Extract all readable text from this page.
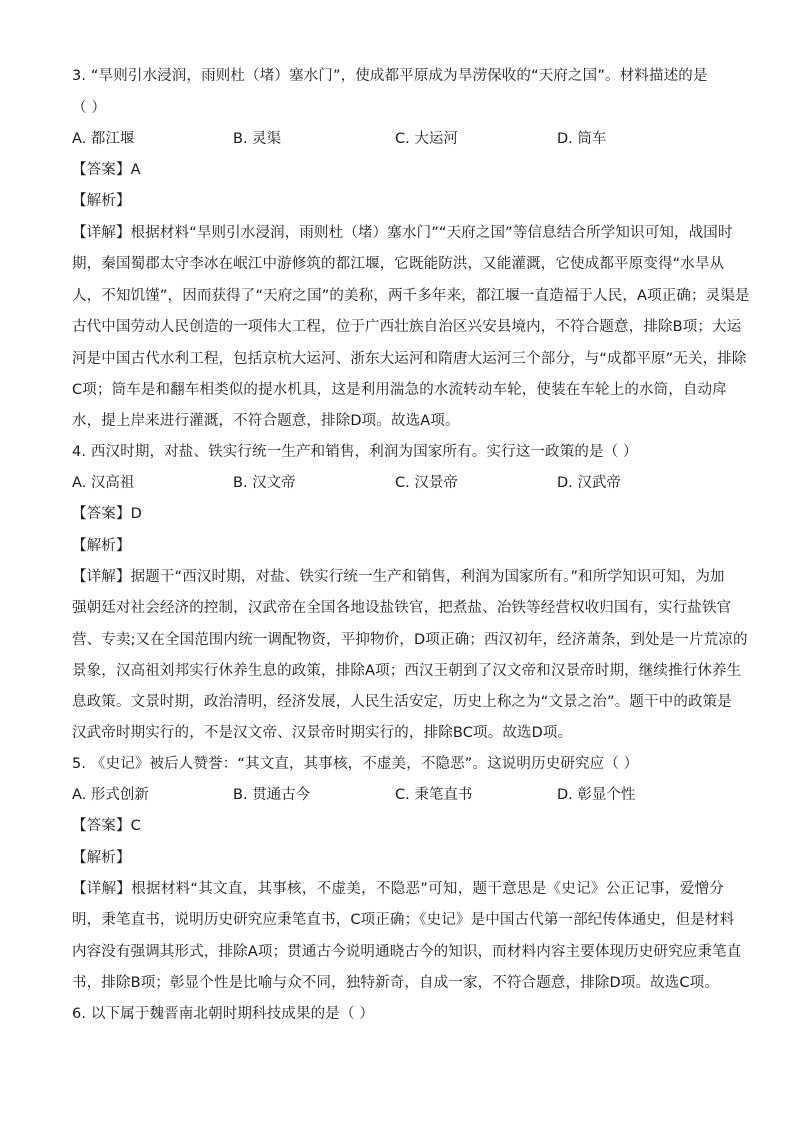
3. “旱则引水浸润，雨则杜（堵）塞水门”，使成都平原成为旱涝保收的“天府之国”。材料描述的是
（ ）
A. 都江堰	B. 灵渠	C. 大运河	D. 筒车
【答案】A
【解析】
【详解】根据材料“旱则引水浸润，雨则杜（堵）塞水门”“天府之国”等信息结合所学知识可知，战国时
期，秦国蜀郡太守李冰在岷江中游修筑的都江堰，它既能防洪，又能灌溉，它使成都平原变得“水旱从
人，不知饥馑”，因而获得了“天府之国”的美称，两千多年来，都江堰一直造福于人民，A项正确；灵渠是
古代中国劳动人民创造的一项伟大工程，位于广西壮族自治区兴安县境内，不符合题意，排除B项；大运
河是中国古代水利工程，包括京杭大运河、浙东大运河和隋唐大运河三个部分，与“成都平原”无关，排除
C项；筒车是和翻车相类似的提水机具，这是利用湍急的水流转动车轮，使装在车轮上的水筒，自动戽
水，提上岸来进行灌溉，不符合题意，排除D项。故选A项。
4. 西汉时期，对盐、铁实行统一生产和销售，利润为国家所有。实行这一政策的是（ ）
A. 汉高祖	B. 汉文帝	C. 汉景帝	D. 汉武帝
【答案】D
【解析】
【详解】据题干“西汉时期，对盐、铁实行统一生产和销售，利润为国家所有。”和所学知识可知，为加
强朝廷对社会经济的控制，汉武帝在全国各地设盐铁官，把煮盐、冶铁等经营权收归国有，实行盐铁官
营、专卖;又在全国范围内统一调配物资，平抑物价，D项正确；西汉初年，经济萧条，到处是一片荒凉的
景象，汉高祖刘邦实行休养生息的政策，排除A项；西汉王朝到了汉文帝和汉景帝时期，继续推行休养生
息政策。文景时期，政治清明，经济发展，人民生活安定，历史上称之为“文景之治”。题干中的政策是
汉武帝时期实行的，不是汉文帝、汉景帝时期实行的，排除BC项。故选D项。
5. 《史记》被后人赞誉：“其文直，其事核，不虚美，不隐恶”。这说明历史研究应（ ）
A. 形式创新	B. 贯通古今	C. 秉笔直书	D. 彰显个性
【答案】C
【解析】
【详解】根据材料“其文直，其事核，不虚美，不隐恶”可知，题干意思是《史记》公正记事，爱憎分
明，秉笔直书，说明历史研究应秉笔直书，C项正确；《史记》是中国古代第一部纪传体通史，但是材料
内容没有强调其形式，排除A项；贯通古今说明通晓古今的知识，而材料内容主要体现历史研究应秉笔直
书，排除B项；彰显个性是比喻与众不同，独特新奇，自成一家，不符合题意，排除D项。故选C项。
6. 以下属于魏晋南北朝时期科技成果的是（ ）
